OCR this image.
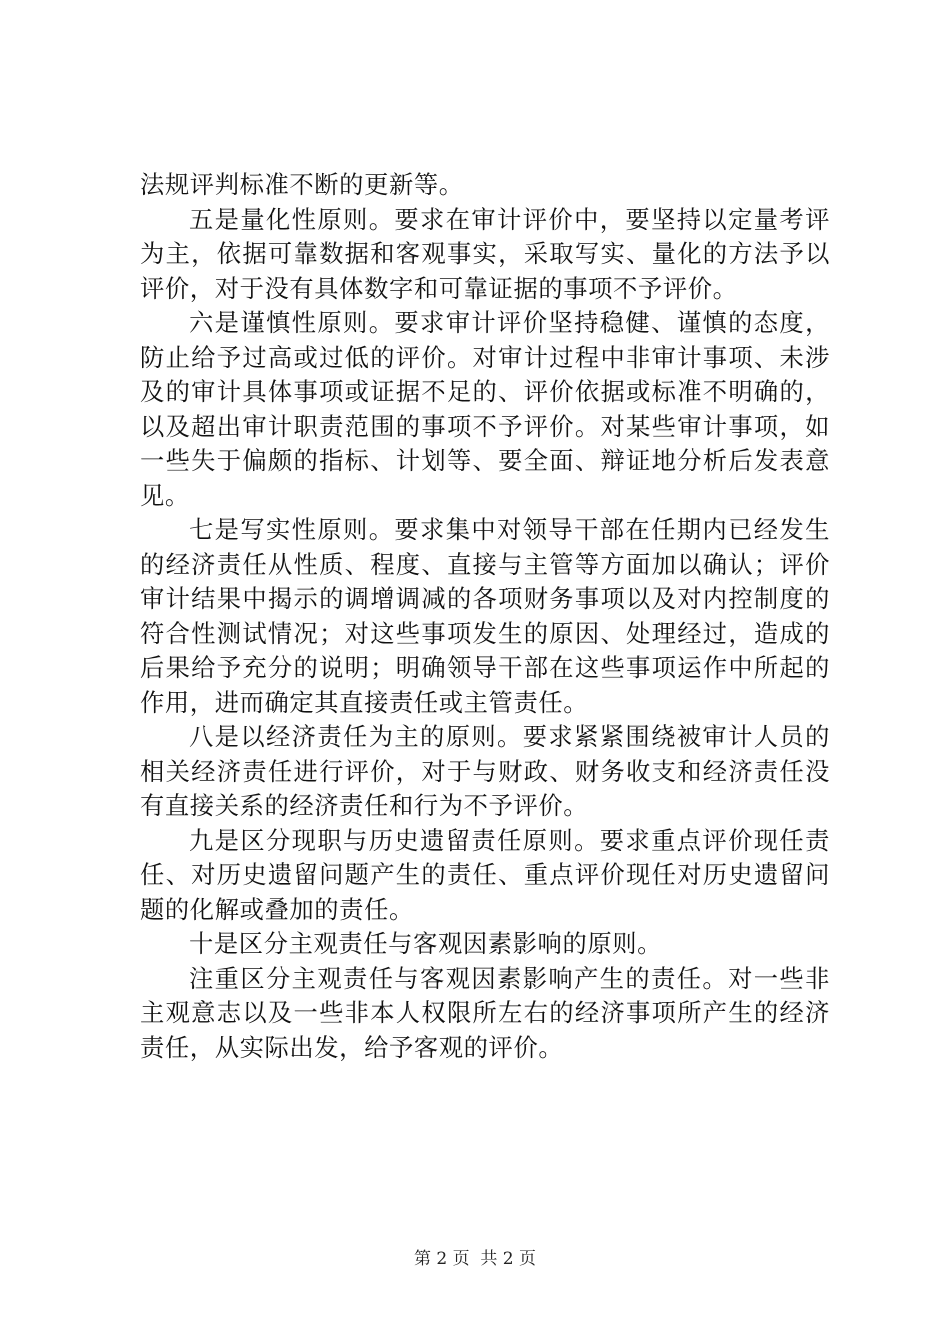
法规评判标准不断的更新等。

五是量化性原则。要求在审计评价中，要坚持以定量考评为主，依据可靠数据和客观事实，采取写实、量化的方法予以评价，对于没有具体数字和可靠证据的事项不予评价。

六是谨慎性原则。要求审计评价坚持稳健、谨慎的态度，防止给予过高或过低的评价。对审计过程中非审计事项、未涉及的审计具体事项或证据不足的、评价依据或标准不明确的，以及超出审计职责范围的事项不予评价。对某些审计事项，如一些失于偏颇的指标、计划等、要全面、辩证地分析后发表意见。

七是写实性原则。要求集中对领导干部在任期内已经发生的经济责任从性质、程度、直接与主管等方面加以确认；评价审计结果中揭示的调增调减的各项财务事项以及对内控制度的符合性测试情况；对这些事项发生的原因、处理经过，造成的后果给予充分的说明；明确领导干部在这些事项运作中所起的作用，进而确定其直接责任或主管责任。

八是以经济责任为主的原则。要求紧紧围绕被审计人员的相关经济责任进行评价，对于与财政、财务收支和经济责任没有直接关系的经济责任和行为不予评价。

九是区分现职与历史遗留责任原则。要求重点评价现任责任、对历史遗留问题产生的责任、重点评价现任对历史遗留问题的化解或叠加的责任。

十是区分主观责任与客观因素影响的原则。

注重区分主观责任与客观因素影响产生的责任。对一些非主观意志以及一些非本人权限所左右的经济事项所产生的经济责任，从实际出发，给予客观的评价。

第 2 页  共 2 页
